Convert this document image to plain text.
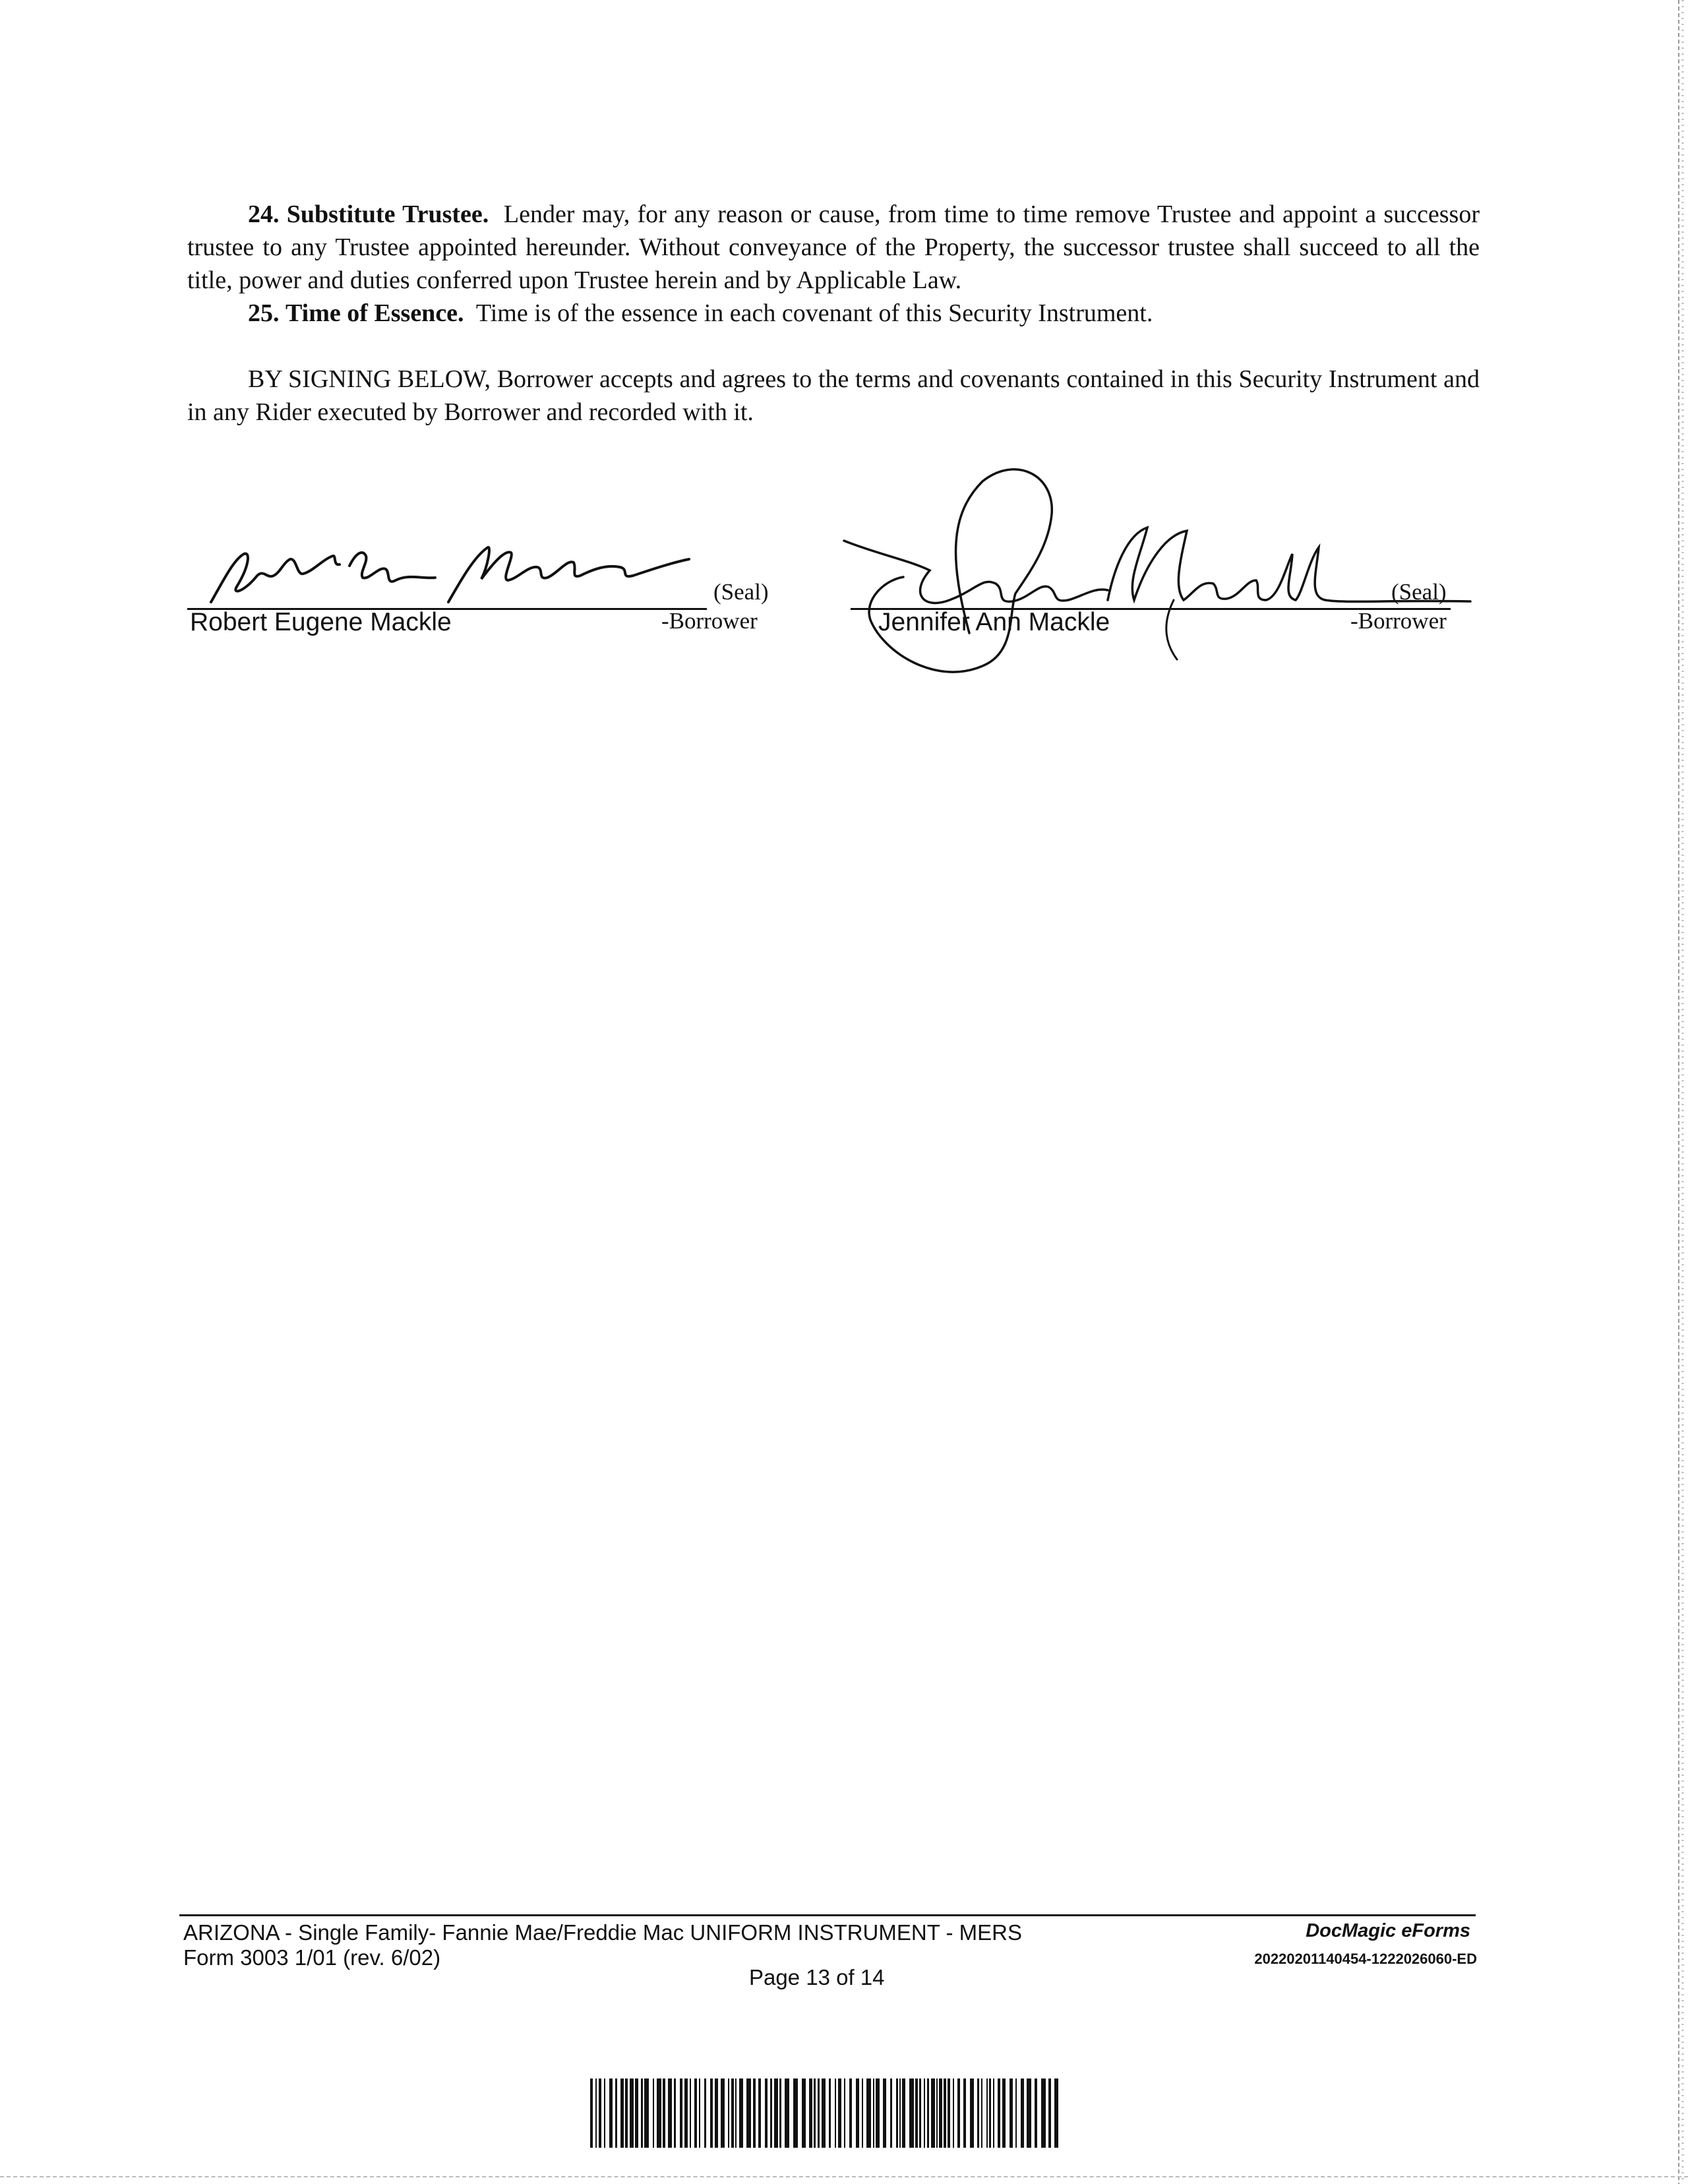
24. Substitute Trustee. Lender may, for any reason or cause, from time to time remove Trustee and appoint a successor trustee to any Trustee appointed hereunder. Without conveyance of the Property, the successor trustee shall succeed to all the title, power and duties conferred upon Trustee herein and by Applicable Law.

25. Time of Essence. Time is of the essence in each covenant of this Security Instrument.

BY SIGNING BELOW, Borrower accepts and agrees to the terms and covenants contained in this Security Instrument and in any Rider executed by Borrower and recorded with it.

Robert Eugene Mackle
(Seal)
-Borrower	Jennifer Ann Mackle
(Seal)
-Borrower
ARIZONA - Single Family- Fannie Mae/Freddie Mac UNIFORM INSTRUMENT - MERS
Form 3003 1/01 (rev. 6/02)
Page 13 of 14
DocMagic eForms
20220201140454-1222026060-ED
